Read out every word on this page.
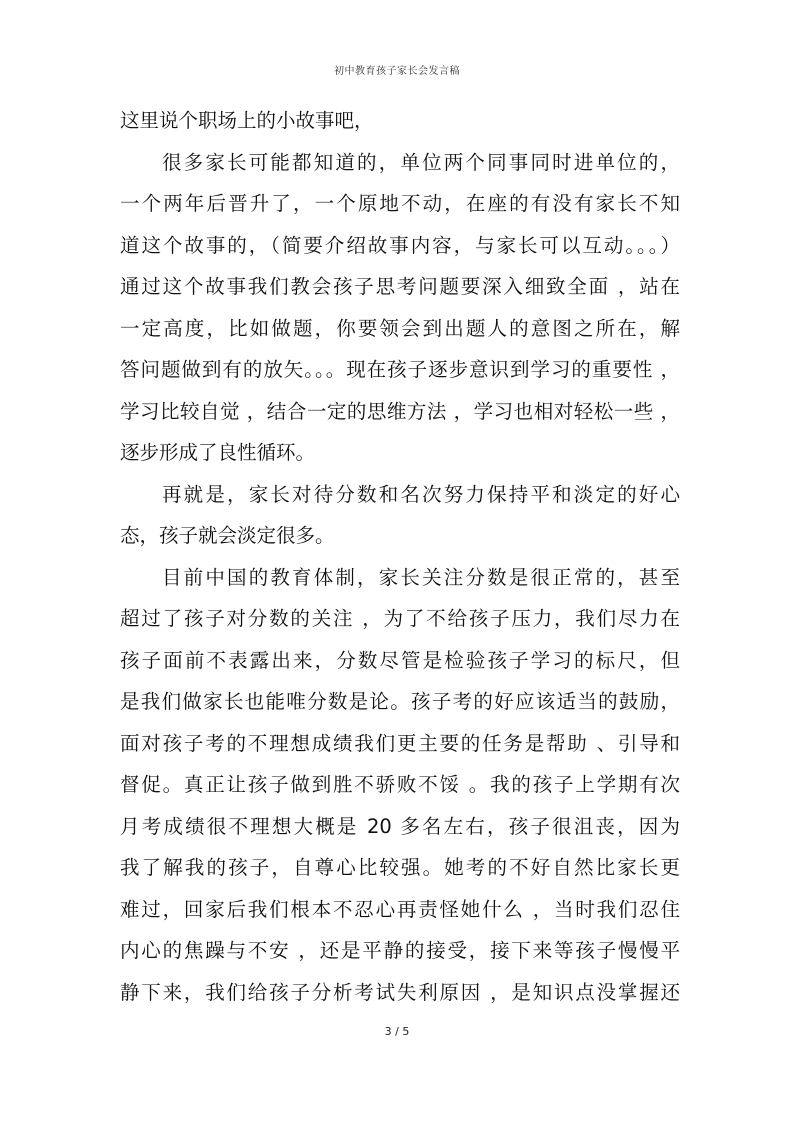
初中教育孩子家长会发言稿
这里说个职场上的小故事吧，
很多家长可能都知道的，单位两个同事同时进单位的，
一个两年后晋升了，一个原地不动，在座的有没有家长不知
道这个故事的，（简要介绍故事内容，与家长可以互动。。。）
通过这个故事我们教会孩子思考问题要深入细致全面 ，站在
一定高度，比如做题，你要领会到出题人的意图之所在，解
答问题做到有的放矢。。。现在孩子逐步意识到学习的重要性 ，
学习比较自觉 ，结合一定的思维方法 ，学习也相对轻松一些 ，
逐步形成了良性循环。
再就是，家长对待分数和名次努力保持平和淡定的好心
态，孩子就会淡定很多。
目前中国的教育体制，家长关注分数是很正常的，甚至
超过了孩子对分数的关注 ，为了不给孩子压力，我们尽力在
孩子面前不表露出来，分数尽管是检验孩子学习的标尺，但
是我们做家长也能唯分数是论。孩子考的好应该适当的鼓励，
面对孩子考的不理想成绩我们更主要的任务是帮助 、引导和
督促。真正让孩子做到胜不骄败不馁 。我的孩子上学期有次
月考成绩很不理想大概是 20 多名左右，孩子很沮丧，因为
我了解我的孩子，自尊心比较强。她考的不好自然比家长更
难过，回家后我们根本不忍心再责怪她什么 ，当时我们忍住
内心的焦躁与不安 ，还是平静的接受，接下来等孩子慢慢平
静下来，我们给孩子分析考试失利原因 ，是知识点没掌握还
3 / 5
